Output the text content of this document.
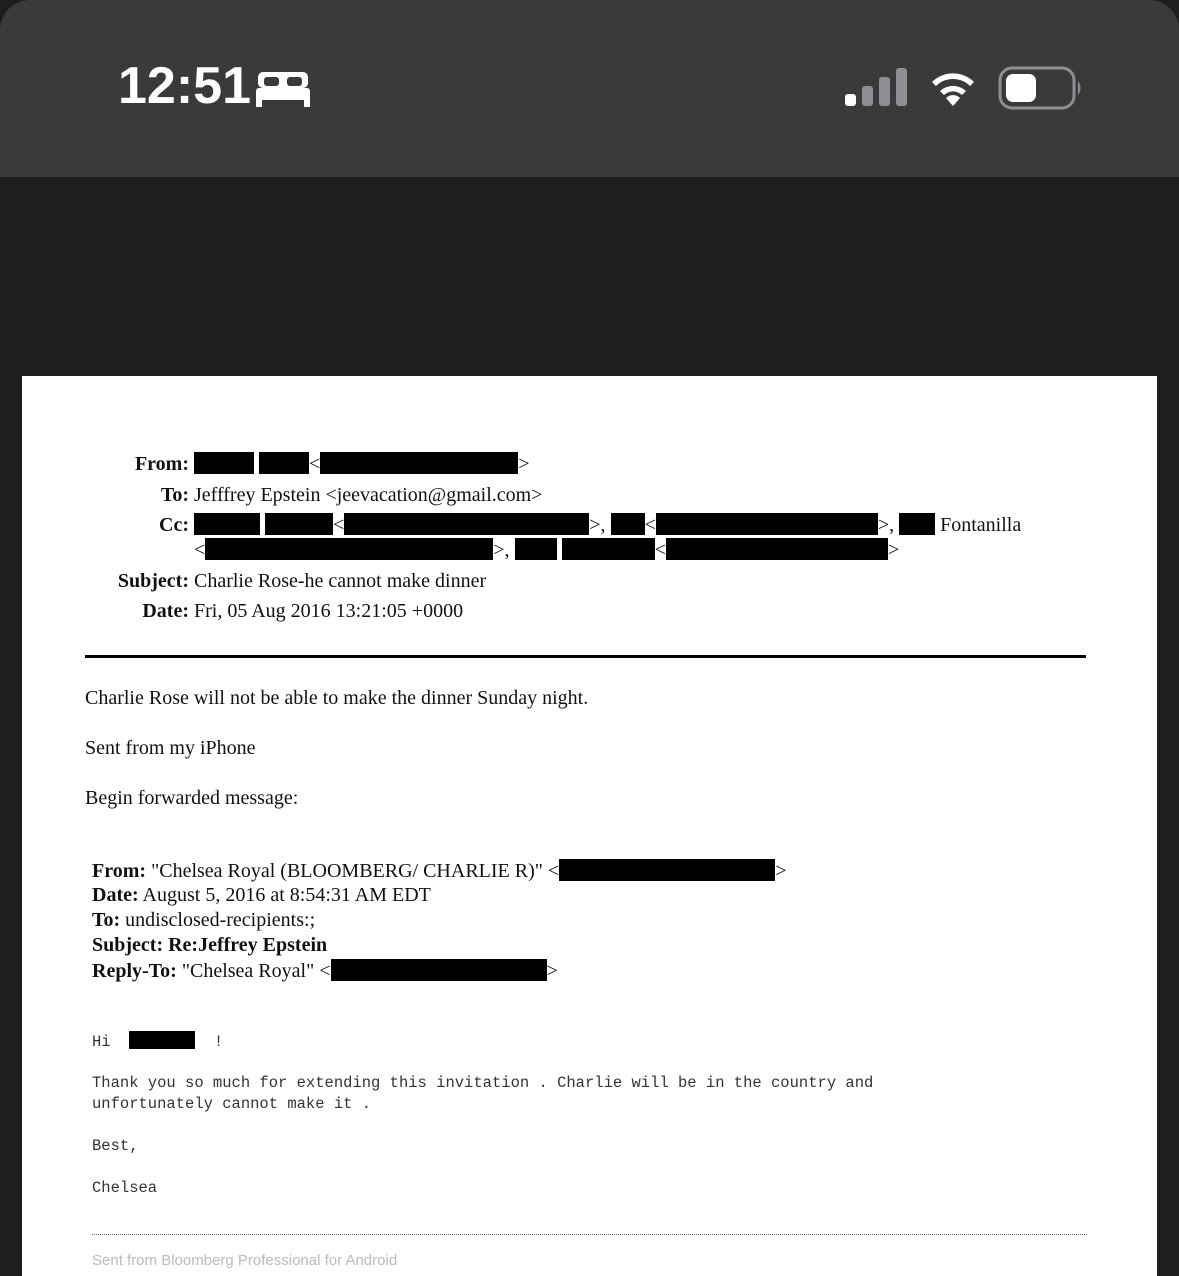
12:51
From:	<	>
To: Jefffrey Epstein <jeevacation@gmail.com>
Cc:	<	>, <	>,  Fontanilla
<	>,	<	>
Subject: Charlie Rose-he cannot make dinner
Date: Fri, 05 Aug 2016 13:21:05 +0000
Charlie Rose will not be able to make the dinner Sunday night.
Sent from my iPhone
Begin forwarded message:
From: "Chelsea Royal (BLOOMBERG/ CHARLIE R)" <	>
Date: August 5, 2016 at 8:54:31 AM EDT
To: undisclosed-recipients:;
Subject: Re:Jeffrey Epstein
Reply-To: "Chelsea Royal" <	>
Hi	!
Thank you so much for extending this invitation . Charlie will be in the country and
unfortunately cannot make it .
Best,
Chelsea
Sent from Bloomberg Professional for Android
